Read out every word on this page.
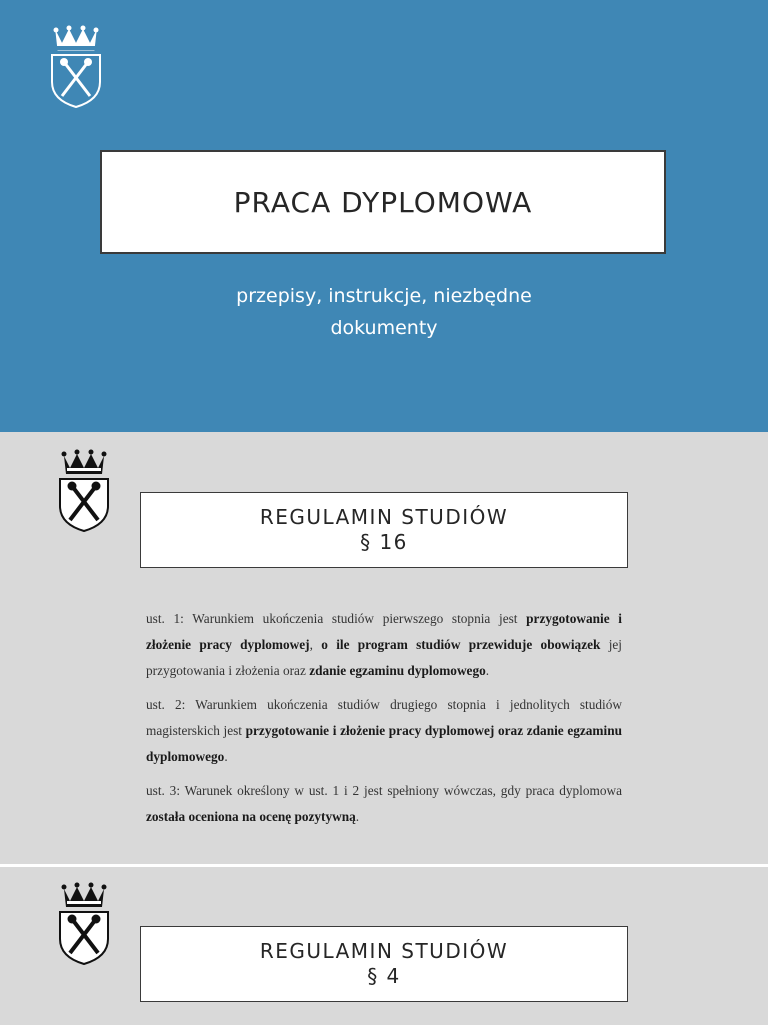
PRACA DYPLOMOWA
przepisy, instrukcje, niezbędne
dokumenty
REGULAMIN STUDIÓW
§ 16

ust. 1: Warunkiem ukończenia studiów pierwszego stopnia jest przygotowanie i złożenie pracy dyplomowej, o ile program studiów przewiduje obowiązek jej przygotowania i złożenia oraz zdanie egzaminu dyplomowego.

ust. 2: Warunkiem ukończenia studiów drugiego stopnia i jednolitych studiów magisterskich jest przygotowanie i złożenie pracy dyplomowej oraz zdanie egzaminu dyplomowego.

ust. 3: Warunek określony w ust. 1 i 2 jest spełniony wówczas, gdy praca dyplomowa została oceniona na ocenę pozytywną.

REGULAMIN STUDIÓW
§ 4
